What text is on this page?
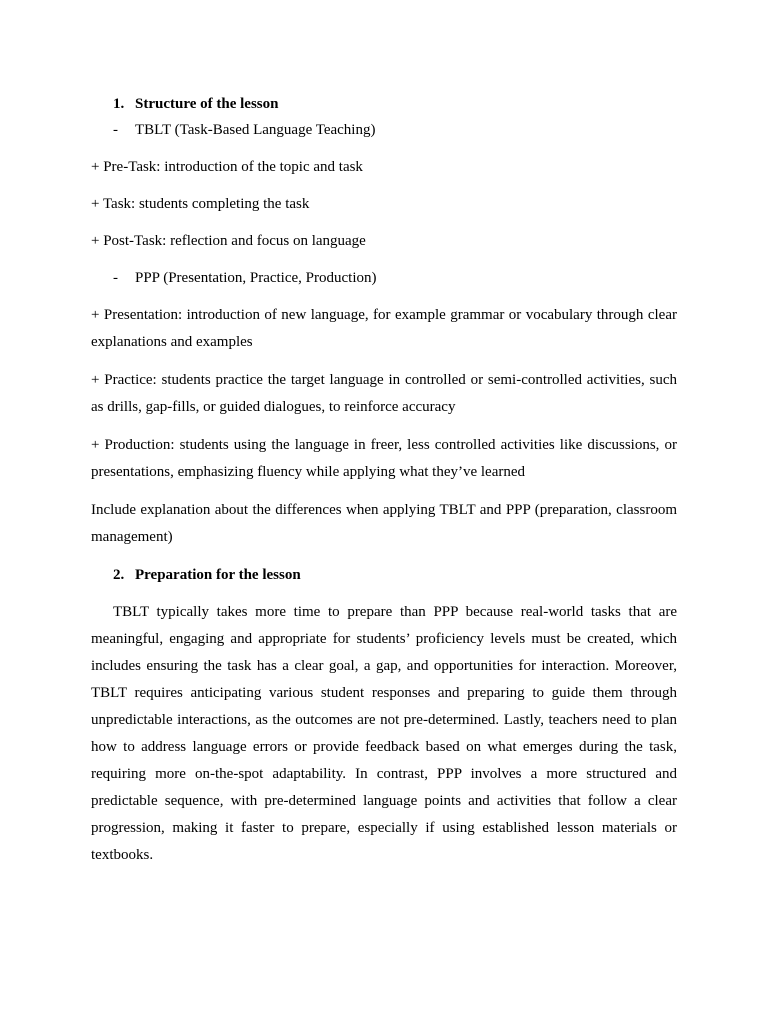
1. Structure of the lesson
-	TBLT (Task-Based Language Teaching)
+ Pre-Task: introduction of the topic and task
+ Task: students completing the task
+ Post-Task: reflection and focus on language
-	PPP (Presentation, Practice, Production)
+ Presentation: introduction of new language, for example grammar or vocabulary through clear explanations and examples
+ Practice: students practice the target language in controlled or semi-controlled activities, such as drills, gap-fills, or guided dialogues, to reinforce accuracy
+ Production: students using the language in freer, less controlled activities like discussions, or presentations, emphasizing fluency while applying what they’ve learned
Include explanation about the differences when applying TBLT and PPP (preparation, classroom management)
2. Preparation for the lesson
TBLT typically takes more time to prepare than PPP because real-world tasks that are meaningful, engaging and appropriate for students’ proficiency levels must be created, which includes ensuring the task has a clear goal, a gap, and opportunities for interaction. Moreover, TBLT requires anticipating various student responses and preparing to guide them through unpredictable interactions, as the outcomes are not pre-determined. Lastly, teachers need to plan how to address language errors or provide feedback based on what emerges during the task, requiring more on-the-spot adaptability. In contrast, PPP involves a more structured and predictable sequence, with pre-determined language points and activities that follow a clear progression, making it faster to prepare, especially if using established lesson materials or textbooks.
